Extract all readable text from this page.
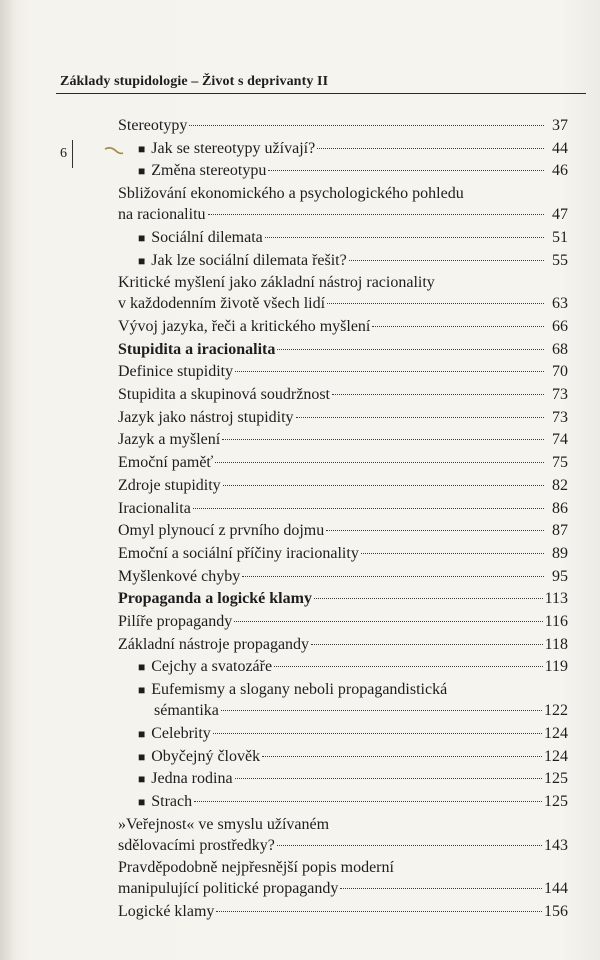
Základy stupidologie – Život s deprivanty II
6
Stereotypy	37
■ Jak se stereotypy užívají?	44
■ Změna stereotypu	46
Sbližování ekonomického a psychologického pohledu
na racionalitu	47
■ Sociální dilemata	51
■ Jak lze sociální dilemata řešit?	55
Kritické myšlení jako základní nástroj racionality
v každodenním životě všech lidí	63
Vývoj jazyka, řeči a kritického myšlení	66
Stupidita a iracionalita	68
Definice stupidity	70
Stupidita a skupinová soudržnost	73
Jazyk jako nástroj stupidity	73
Jazyk a myšlení	74
Emoční paměť	75
Zdroje stupidity	82
Iracionalita	86
Omyl plynoucí z prvního dojmu	87
Emoční a sociální příčiny iracionality	89
Myšlenkové chyby	95
Propaganda a logické klamy	113
Pilíře propagandy	116
Základní nástroje propagandy	118
■ Cejchy a svatozáře	119
■ Eufemismy a slogany neboli propagandistická
sémantika	122
■ Celebrity	124
■ Obyčejný člověk	124
■ Jedna rodina	125
■ Strach	125
»Veřejnost« ve smyslu užívaném
sdělovacími prostředky?	143
Pravděpodobně nejpřesnější popis moderní
manipulující politické propagandy	144
Logické klamy	156
